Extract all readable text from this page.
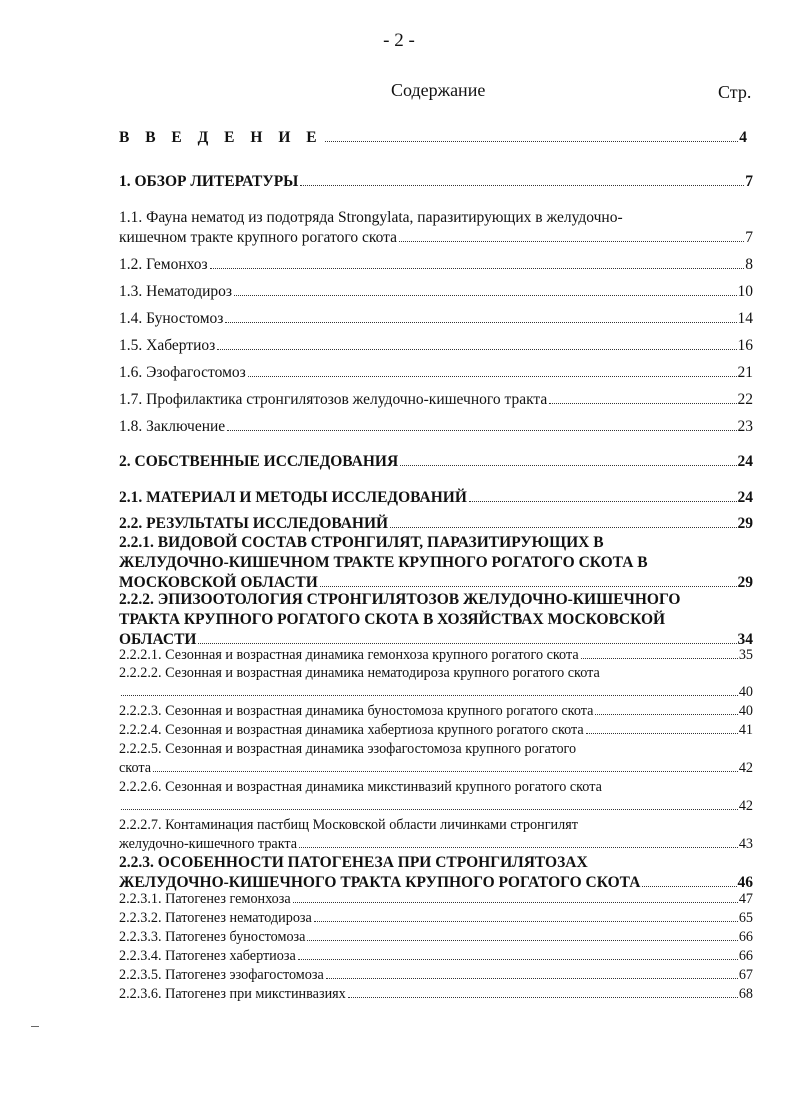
- 2 -
Содержание	Стр.
В В Е Д Е Н И Е	4
1. ОБЗОР ЛИТЕРАТУРЫ	7
1.1. Фауна нематод из подотряда Strongylata, паразитирующих в желудочно-
кишечном тракте крупного рогатого скота	7
1.2. Гемонхоз	8
1.3. Нематодироз	10
1.4. Буностомоз	14
1.5. Хабертиоз	16
1.6. Эзофагостомоз	21
1.7. Профилактика стронгилятозов желудочно-кишечного тракта	22
1.8. Заключение	23
2. СОБСТВЕННЫЕ ИССЛЕДОВАНИЯ	24
2.1. МАТЕРИАЛ И МЕТОДЫ ИССЛЕДОВАНИЙ	24
2.2. РЕЗУЛЬТАТЫ ИССЛЕДОВАНИЙ	29
2.2.1. ВИДОВОЙ СОСТАВ СТРОНГИЛЯТ, ПАРАЗИТИРУЮЩИХ В
ЖЕЛУДОЧНО-КИШЕЧНОМ ТРАКТЕ КРУПНОГО РОГАТОГО СКОТА В
МОСКОВСКОЙ ОБЛАСТИ	29
2.2.2. ЭПИЗООТОЛОГИЯ СТРОНГИЛЯТОЗОВ ЖЕЛУДОЧНО-КИШЕЧНОГО
ТРАКТА КРУПНОГО РОГАТОГО СКОТА В ХОЗЯЙСТВАХ МОСКОВСКОЙ
ОБЛАСТИ	34
2.2.2.1. Сезонная и возрастная динамика гемонхоза крупного рогатого скота	35
2.2.2.2. Сезонная и возрастная динамика нематодироза крупного рогатого скота
40
2.2.2.3. Сезонная и возрастная динамика буностомоза крупного рогатого скота	40
2.2.2.4. Сезонная и возрастная динамика хабертиоза крупного рогатого скота	41
2.2.2.5. Сезонная и возрастная динамика эзофагостомоза крупного рогатого
скота	42
2.2.2.6. Сезонная и возрастная динамика микстинвазий крупного рогатого скота
42
2.2.2.7. Контаминация пастбищ Московской области личинками стронгилят
желудочно-кишечного тракта	43
2.2.3. ОСОБЕННОСТИ ПАТОГЕНЕЗА ПРИ СТРОНГИЛЯТОЗАХ
ЖЕЛУДОЧНО-КИШЕЧНОГО ТРАКТА КРУПНОГО РОГАТОГО СКОТА	46
2.2.3.1. Патогенез гемонхоза	47
2.2.3.2. Патогенез нематодироза	65
2.2.3.3. Патогенез буностомоза	66
2.2.3.4. Патогенез хабертиоза	66
2.2.3.5. Патогенез эзофагостомоза	67
2.2.3.6. Патогенез при микстинвазиях	68
